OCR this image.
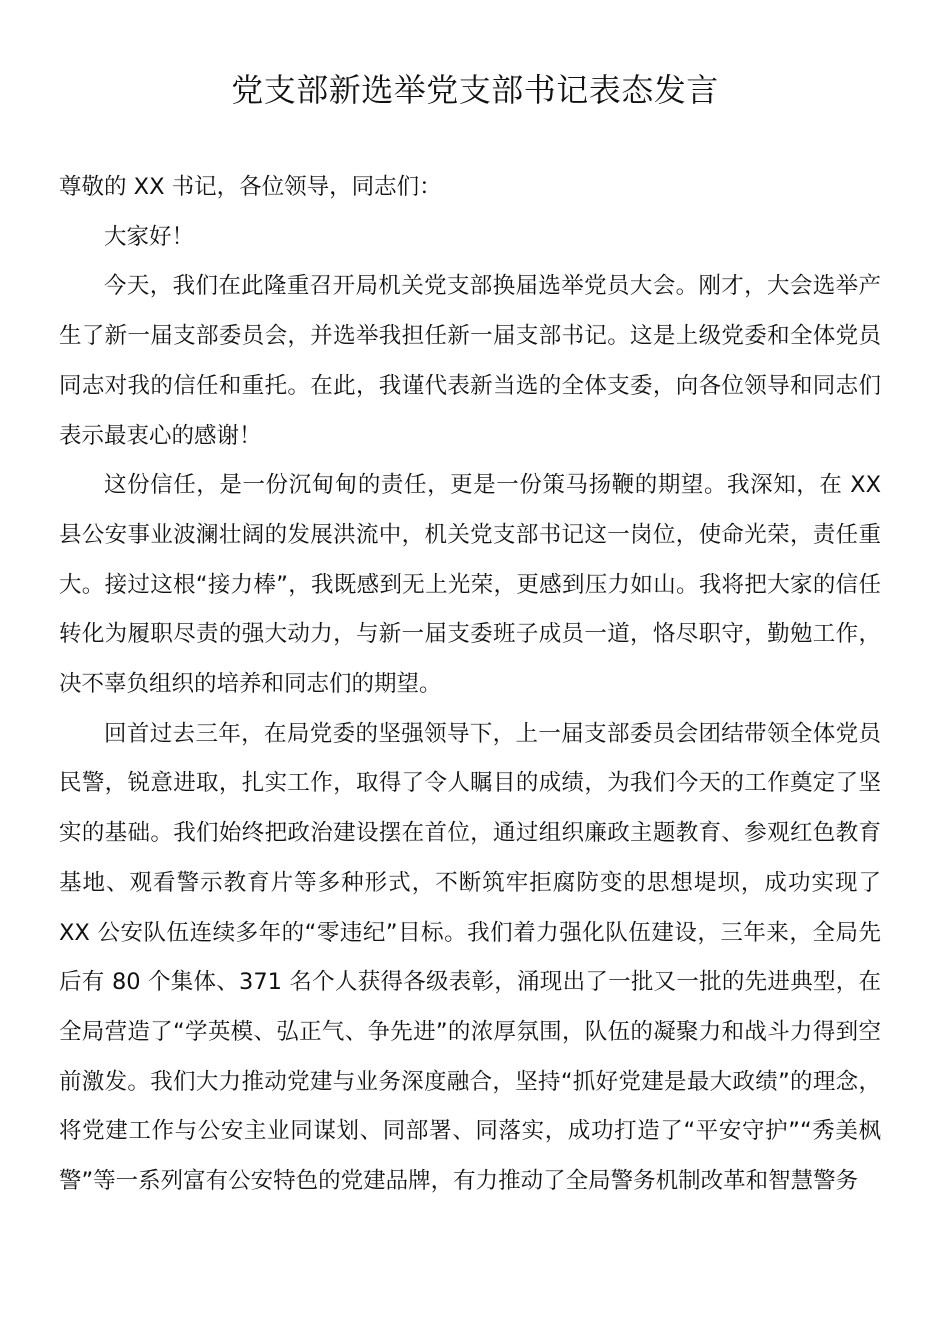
党支部新选举党支部书记表态发言

尊敬的 XX 书记，各位领导，同志们：

大家好！

今天，我们在此隆重召开局机关党支部换届选举党员大会。刚才，大会选举产生了新一届支部委员会，并选举我担任新一届支部书记。这是上级党委和全体党员同志对我的信任和重托。在此，我谨代表新当选的全体支委，向各位领导和同志们表示最衷心的感谢！

这份信任，是一份沉甸甸的责任，更是一份策马扬鞭的期望。我深知，在 XX 县公安事业波澜壮阔的发展洪流中，机关党支部书记这一岗位，使命光荣，责任重大。接过这根“接力棒”，我既感到无上光荣，更感到压力如山。我将把大家的信任转化为履职尽责的强大动力，与新一届支委班子成员一道，恪尽职守，勤勉工作，决不辜负组织的培养和同志们的期望。

回首过去三年，在局党委的坚强领导下，上一届支部委员会团结带领全体党员民警，锐意进取，扎实工作，取得了令人瞩目的成绩，为我们今天的工作奠定了坚实的基础。我们始终把政治建设摆在首位，通过组织廉政主题教育、参观红色教育基地、观看警示教育片等多种形式，不断筑牢拒腐防变的思想堤坝，成功实现了 XX 公安队伍连续多年的“零违纪”目标。我们着力强化队伍建设，三年来，全局先后有 80 个集体、371 名个人获得各级表彰，涌现出了一批又一批的先进典型，在全局营造了“学英模、弘正气、争先进”的浓厚氛围，队伍的凝聚力和战斗力得到空前激发。我们大力推动党建与业务深度融合，坚持“抓好党建是最大政绩”的理念，将党建工作与公安主业同谋划、同部署、同落实，成功打造了“平安守护”“秀美枫警”等一系列富有公安特色的党建品牌，有力推动了全局警务机制改革和智慧警务
